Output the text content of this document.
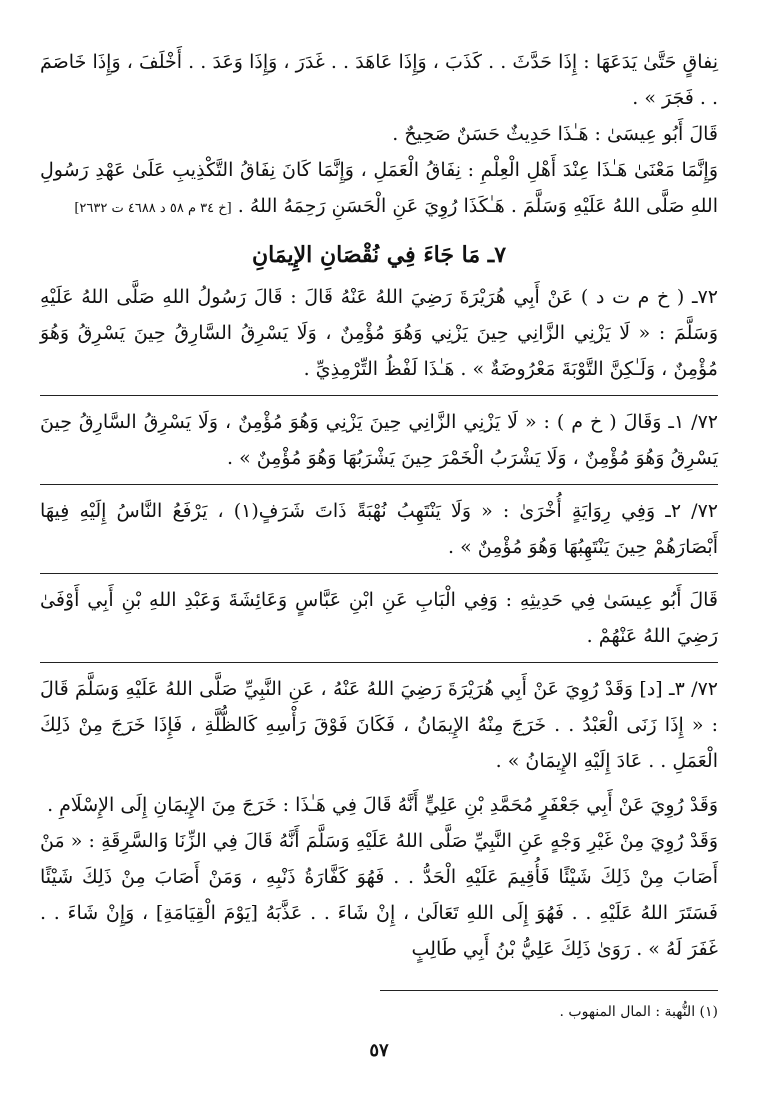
نِفاقٍ حَتَّىٰ يَدَعَهَا : إِذَا حَدَّثَ . . كَذَبَ ، وَإِذَا عَاهَدَ . . غَدَرَ ، وَإِذَا وَعَدَ . . أَخْلَفَ ، وَإِذَا خَاصَمَ . . فَجَرَ » .

قَالَ أَبُو عِيسَىٰ : هَـٰذَا حَدِيثٌ حَسَنٌ صَحِيحٌ .

وَإِنَّمَا مَعْنَىٰ هَـٰذَا عِنْدَ أَهْلِ الْعِلْمِ : نِفَاقُ الْعَمَلِ ، وَإِنَّمَا كَانَ نِفَاقُ التَّكْذِيبِ عَلَىٰ عَهْدِ رَسُولِ اللهِ صَلَّى اللهُ عَلَيْهِ وَسَلَّمَ . هَـٰكَذَا رُوِيَ عَنِ الْحَسَنِ رَحِمَهُ اللهُ . [خ ٣٤ م ٥٨ د ٤٦٨٨ ت ٢٦٣٢]

٧ـ مَا جَاءَ فِي نُقْصَانِ الإِيمَانِ

٧٢ـ ( خ م ت د ) عَنْ أَبِي هُرَيْرَةَ رَضِيَ اللهُ عَنْهُ قَالَ : قَالَ رَسُولُ اللهِ صَلَّى اللهُ عَلَيْهِ وَسَلَّمَ : « لَا يَزْنِي الزَّانِي حِينَ يَزْنِي وَهُوَ مُؤْمِنٌ ، وَلَا يَسْرِقُ السَّارِقُ حِينَ يَسْرِقُ وَهُوَ مُؤْمِنٌ ، وَلَـٰكِنَّ التَّوْبَةَ مَعْرُوضَةٌ » . هَـٰذَا لَفْظُ التِّرْمِذِيِّ .

٧٢/ ١ـ وَقَالَ ( خ م ) : « لَا يَزْنِي الزَّانِي حِينَ يَزْنِي وَهُوَ مُؤْمِنٌ ، وَلَا يَسْرِقُ السَّارِقُ حِينَ يَسْرِقُ وَهُوَ مُؤْمِنٌ ، وَلَا يَشْرَبُ الْخَمْرَ حِينَ يَشْرَبُهَا وَهُوَ مُؤْمِنٌ » .

٧٢/ ٢ـ وَفِي رِوَايَةٍ أُخْرَىٰ : « وَلَا يَنْتَهِبُ نُهْبَةً ذَاتَ شَرَفٍ(١) ، يَرْفَعُ النَّاسُ إِلَيْهِ فِيهَا أَبْصَارَهُمْ حِينَ يَنْتَهِبُهَا وَهُوَ مُؤْمِنٌ » .

قَالَ أَبُو عِيسَىٰ فِي حَدِيثِهِ : وَفِي الْبَابِ عَنِ ابْنِ عَبَّاسٍ وَعَائِشَةَ وَعَبْدِ اللهِ بْنِ أَبِي أَوْفَىٰ رَضِيَ اللهُ عَنْهُمْ .

٧٢/ ٣ـ [د] وَقَدْ رُوِيَ عَنْ أَبِي هُرَيْرَةَ رَضِيَ اللهُ عَنْهُ ، عَنِ النَّبِيِّ صَلَّى اللهُ عَلَيْهِ وَسَلَّمَ قَالَ : « إِذَا زَنَى الْعَبْدُ . . خَرَجَ مِنْهُ الإِيمَانُ ، فَكَانَ فَوْقَ رَأْسِهِ كَالظُّلَّةِ ، فَإِذَا خَرَجَ مِنْ ذَلِكَ الْعَمَلِ . . عَادَ إِلَيْهِ الإِيمَانُ » .

وَقَدْ رُوِيَ عَنْ أَبِي جَعْفَرٍ مُحَمَّدِ بْنِ عَلِيٍّ أَنَّهُ قَالَ فِي هَـٰذَا : خَرَجَ مِنَ الإِيمَانِ إِلَى الإِسْلَامِ .

وَقَدْ رُوِيَ مِنْ غَيْرِ وَجْهٍ عَنِ النَّبِيِّ صَلَّى اللهُ عَلَيْهِ وَسَلَّمَ أَنَّهُ قَالَ فِي الزِّنَا وَالسَّرِقَةِ : « مَنْ أَصَابَ مِنْ ذَلِكَ شَيْئًا فَأُقِيمَ عَلَيْهِ الْحَدُّ . . فَهُوَ كَفَّارَةُ ذَنْبِهِ ، وَمَنْ أَصَابَ مِنْ ذَلِكَ شَيْئًا فَسَتَرَ اللهُ عَلَيْهِ . . فَهُوَ إِلَى اللهِ تَعَالَىٰ ، إِنْ شَاءَ . . عَذَّبَهُ [يَوْمَ الْقِيَامَةِ] ، وَإِنْ شَاءَ . . غَفَرَ لَهُ » . رَوَىٰ ذَلِكَ عَلِيُّ بْنُ أَبِي طَالِبٍ

(١) النُّهبة : المال المنهوب .
٥٧
